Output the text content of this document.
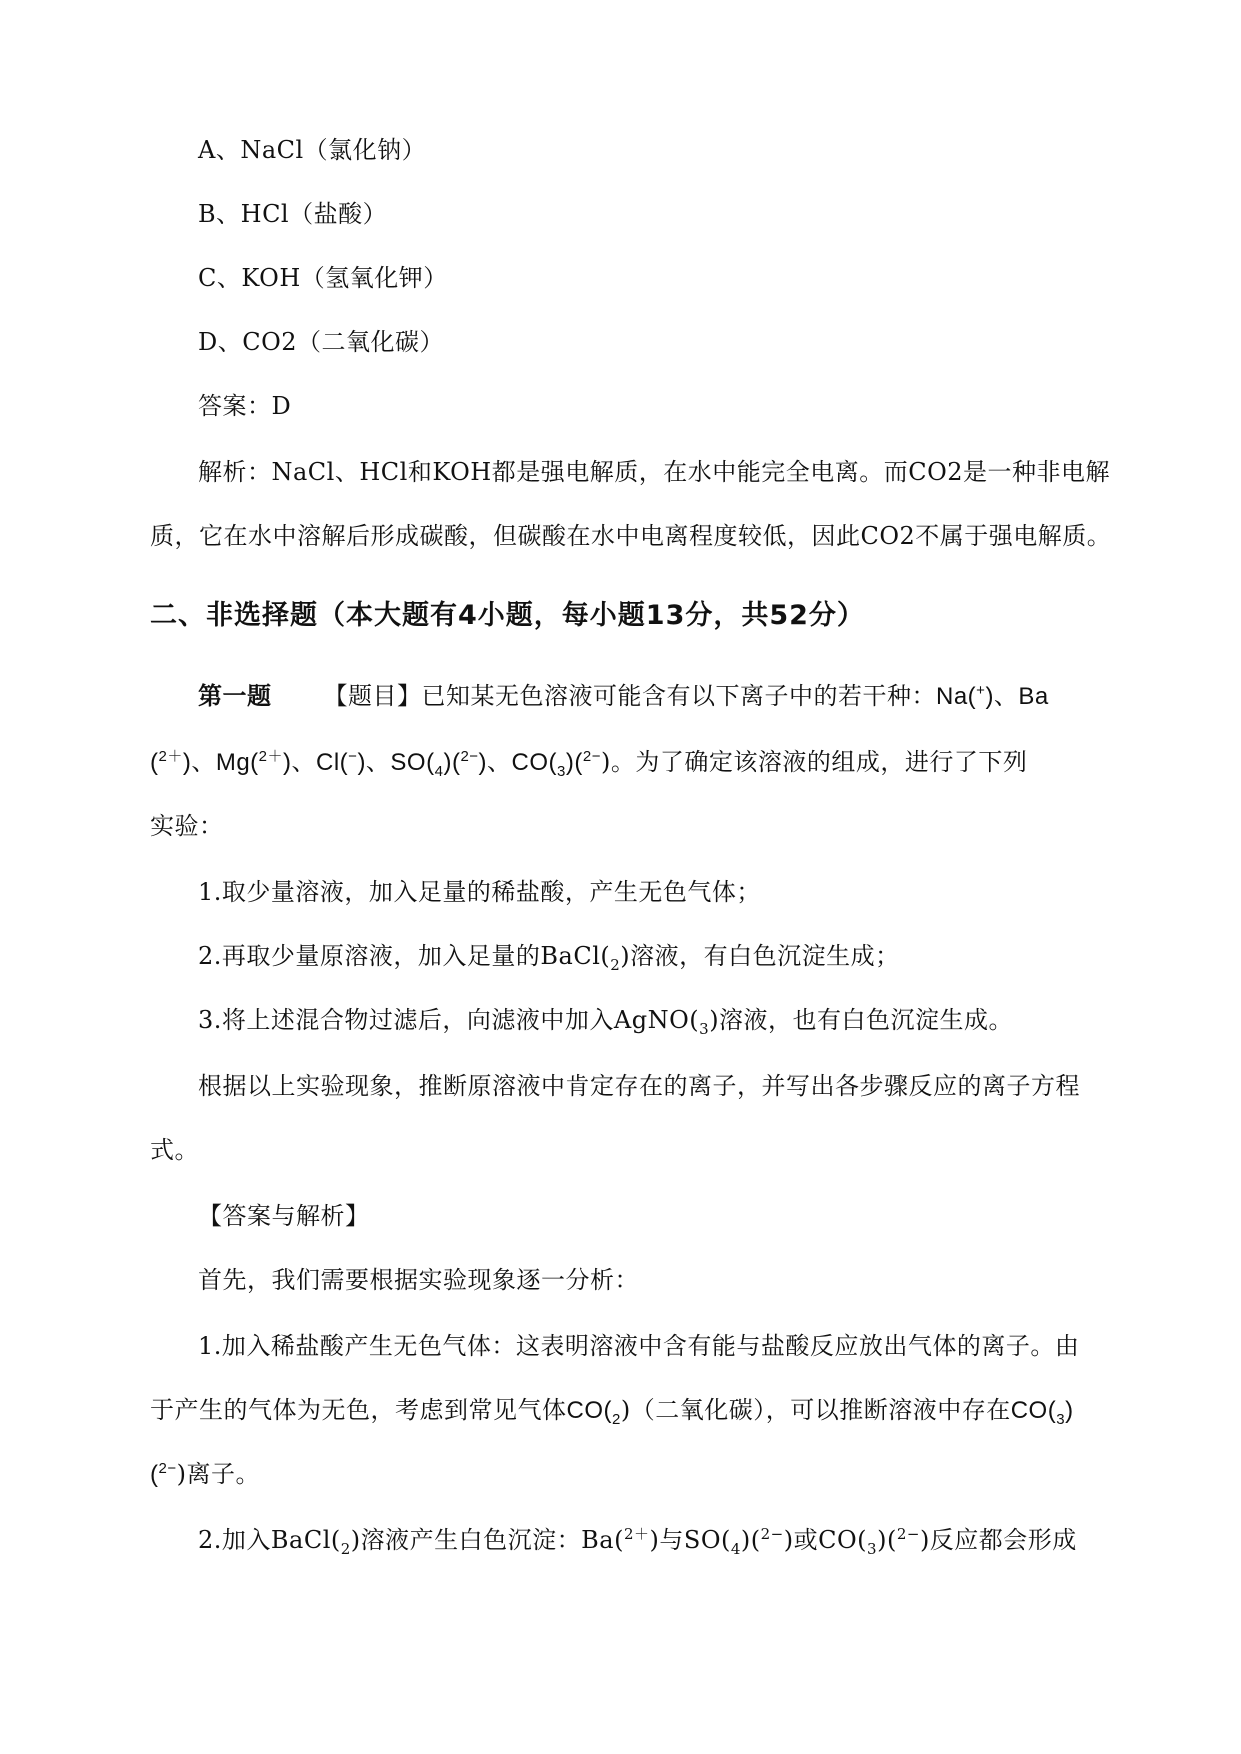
A、NaCl（氯化钠）
B、HCl（盐酸）
C、KOH（氢氧化钾）
D、CO2（二氧化碳）
答案：D
解析：NaCl、HCl和KOH都是强电解质，在水中能完全电离。而CO2是一种非电解
质，它在水中溶解后形成碳酸，但碳酸在水中电离程度较低，因此CO2不属于强电解质。
二、非选择题（本大题有4小题，每小题13分，共52分）
第一题 【题目】已知某无色溶液可能含有以下离子中的若干种：Na(+)、Ba
($^{2+}$)、Mg($^{2+}$)、Cl(−)、$SO(_4)(^{2-})$、$CO(_3)(^{2-})$。为了确定该溶液的组成，进行了下列
实验：
1.取少量溶液，加入足量的稀盐酸，产生无色气体；
2.再取少量原溶液，加入足量的$BaCl(_2)$溶液，有白色沉淀生成；
3.将上述混合物过滤后，向滤液中加入$AgNO(_3)$溶液，也有白色沉淀生成。
根据以上实验现象，推断原溶液中肯定存在的离子，并写出各步骤反应的离子方程
式。
【答案与解析】
首先，我们需要根据实验现象逐一分析：
1.加入稀盐酸产生无色气体：这表明溶液中含有能与盐酸反应放出气体的离子。由
于产生的气体为无色，考虑到常见气体$CO(_2)$（二氧化碳），可以推断溶液中存在$CO(_3)$
($^{2-}$)离子。
2.加入$BaCl(_2)$溶液产生白色沉淀：Ba($^{2+}$)与$SO(_4)(^{2-})$或$CO(_3)(^{2-})$反应都会形成
